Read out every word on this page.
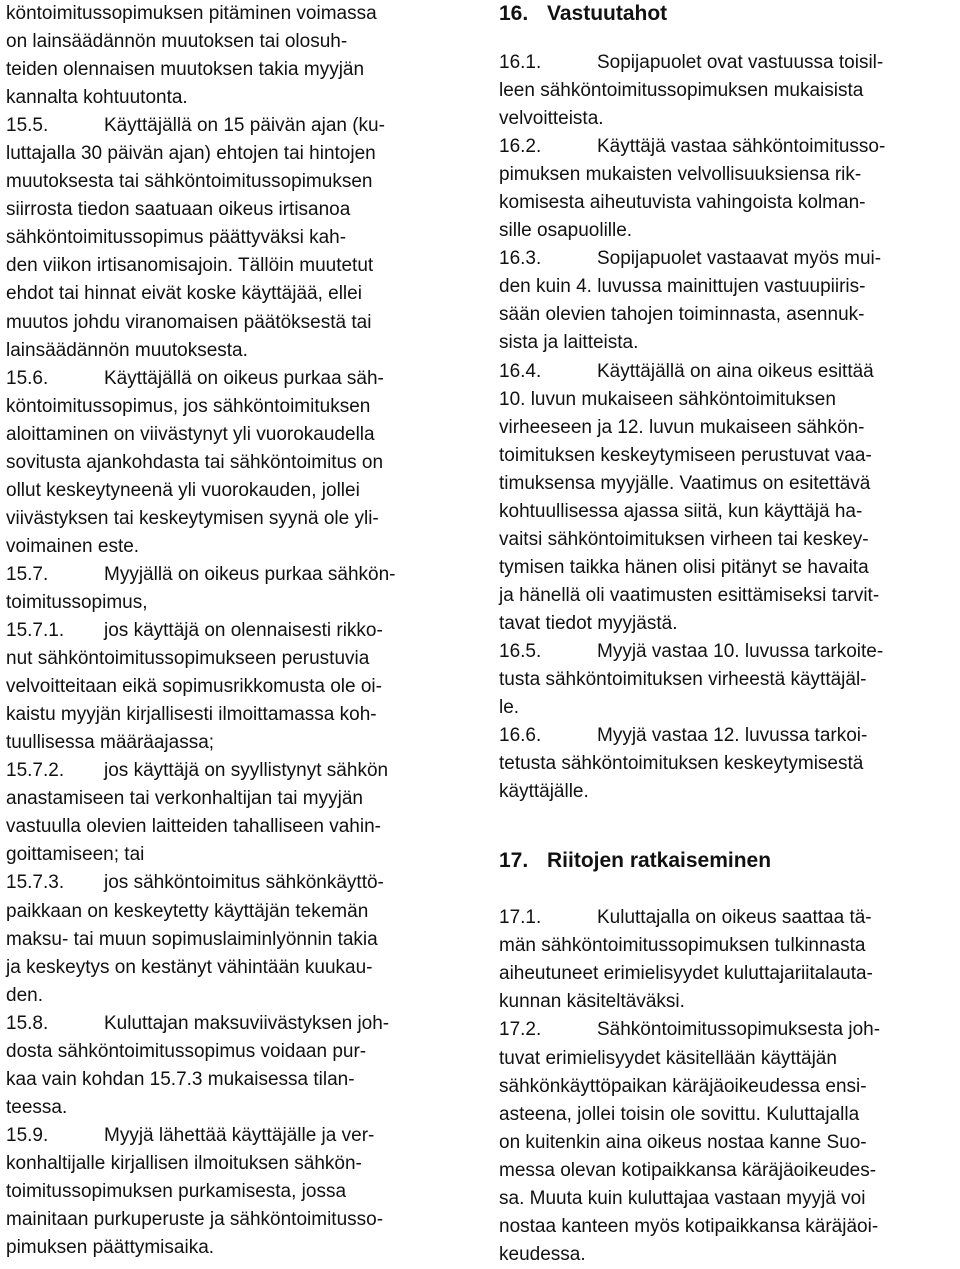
köntoimitussopimuksen pitäminen voimassa
on lainsäädännön muutoksen tai olosuh-
teiden olennaisen muutoksen takia myyjän
kannalta kohtuutonta.

15.5.	Käyttäjällä on 15 päivän ajan (ku-
luttajalla 30 päivän ajan) ehtojen tai hintojen
muutoksesta tai sähköntoimitussopimuksen
siirrosta tiedon saatuaan oikeus irtisanoa
sähköntoimitussopimus päättyväksi kah-
den viikon irtisanomisajoin. Tällöin muutetut
ehdot tai hinnat eivät koske käyttäjää, ellei
muutos johdu viranomaisen päätöksestä tai
lainsäädännön muutoksesta.

15.6.	Käyttäjällä on oikeus purkaa säh-
köntoimitussopimus, jos sähköntoimituksen
aloittaminen on viivästynyt yli vuorokaudella
sovitusta ajankohdasta tai sähköntoimitus on
ollut keskeytyneenä yli vuorokauden, jollei
viivästyksen tai keskeytymisen syynä ole yli-
voimainen este.

15.7.	Myyjällä on oikeus purkaa sähkön-
toimitussopimus,

15.7.1. jos käyttäjä on olennaisesti rikko-
nut sähköntoimitussopimukseen perustuvia
velvoitteitaan eikä sopimusrikkomusta ole oi-
kaistu myyjän kirjallisesti ilmoittamassa koh-
tuullisessa määräajassa;

15.7.2. jos käyttäjä on syyllistynyt sähkön
anastamiseen tai verkonhaltijan tai myyjän
vastuulla olevien laitteiden tahalliseen vahin-
goittamiseen; tai

15.7.3. jos sähköntoimitus sähkönkäyttö-
paikkaan on keskeytetty käyttäjän tekemän
maksu- tai muun sopimuslaiminlyönnin takia
ja keskeytys on kestänyt vähintään kuukau-
den.

15.8.	Kuluttajan maksuviivästyksen joh-
dosta sähköntoimitussopimus voidaan pur-
kaa vain kohdan 15.7.3 mukaisessa tilan-
teessa.

15.9.	Myyjä lähettää käyttäjälle ja ver-
konhaltijalle kirjallisen ilmoituksen sähkön-
toimitussopimuksen purkamisesta, jossa
mainitaan purkuperuste ja sähköntoimitusso-
pimuksen päättymisaika.

16. Vastuutahot

16.1.	Sopijapuolet ovat vastuussa toisil-
leen sähköntoimitussopimuksen mukaisista
velvoitteista.

16.2.	Käyttäjä vastaa sähköntoimitusso-
pimuksen mukaisten velvollisuuksiensa rik-
komisesta aiheutuvista vahingoista kolman-
sille osapuolille.

16.3.	Sopijapuolet vastaavat myös mui-
den kuin 4. luvussa mainittujen vastuupiiris-
sään olevien tahojen toiminnasta, asennuk-
sista ja laitteista.

16.4.	Käyttäjällä on aina oikeus esittää
10. luvun mukaiseen sähköntoimituksen
virheeseen ja 12. luvun mukaiseen sähkön-
toimituksen keskeytymiseen perustuvat vaa-
timuksensa myyjälle. Vaatimus on esitettävä
kohtuullisessa ajassa siitä, kun käyttäjä ha-
vaitsi sähköntoimituksen virheen tai keskey-
tymisen taikka hänen olisi pitänyt se havaita
ja hänellä oli vaatimusten esittämiseksi tarvit-
tavat tiedot myyjästä.

16.5.	Myyjä vastaa 10. luvussa tarkoite-
tusta sähköntoimituksen virheestä käyttäjäl-
le.

16.6.	Myyjä vastaa 12. luvussa tarkoi-
tetusta sähköntoimituksen keskeytymisestä
käyttäjälle.

17. Riitojen ratkaiseminen

17.1.	Kuluttajalla on oikeus saattaa tä-
män sähköntoimitussopimuksen tulkinnasta
aiheutuneet erimielisyydet kuluttajariitalauta-
kunnan käsiteltäväksi.

17.2.	Sähköntoimitussopimuksesta joh-
tuvat erimielisyydet käsitellään käyttäjän
sähkönkäyttöpaikan käräjäoikeudessa ensi-
asteena, jollei toisin ole sovittu. Kuluttajalla
on kuitenkin aina oikeus nostaa kanne Suo-
messa olevan kotipaikkansa käräjäoikeudes-
sa. Muuta kuin kuluttajaa vastaan myyjä voi
nostaa kanteen myös kotipaikkansa käräjäoi-
keudessa.
